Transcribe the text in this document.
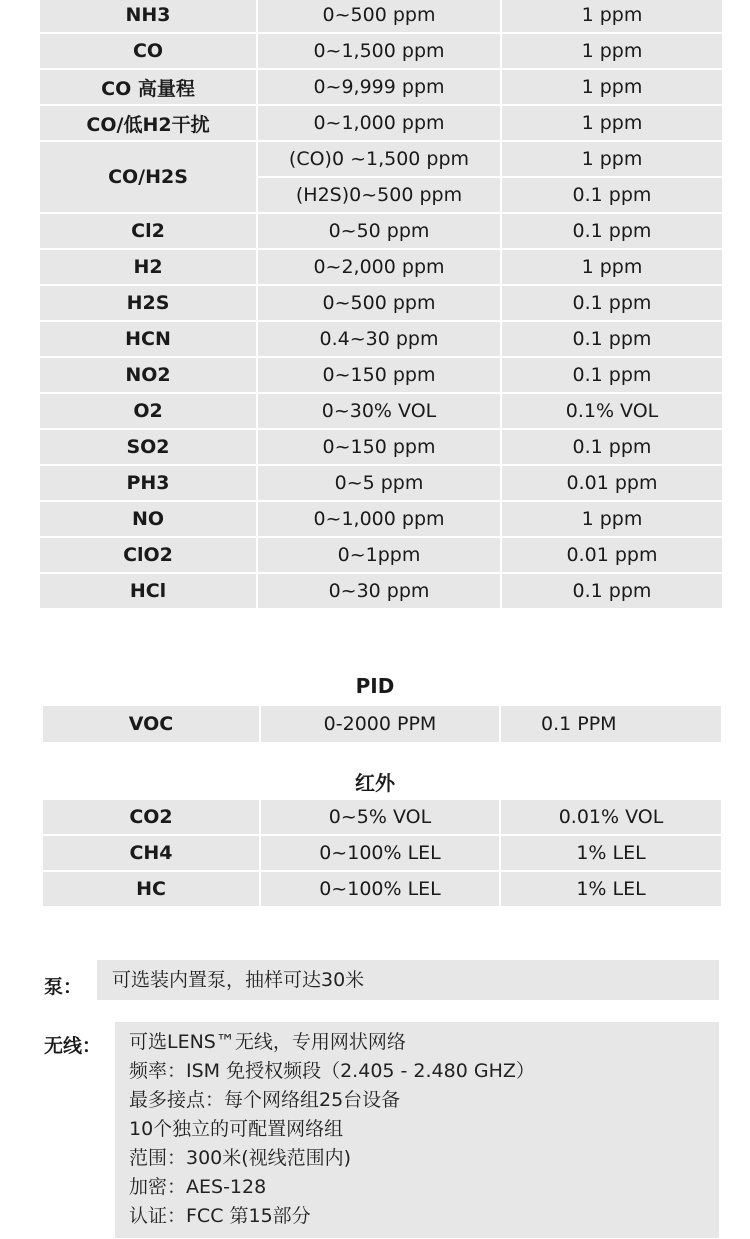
NH3	0~500 ppm	1 ppm
CO	0~1,500 ppm	1 ppm
CO 高量程	0~9,999 ppm	1 ppm
CO/低H2干扰	0~1,000 ppm	1 ppm
CO/H2S	(CO)0 ~1,500 ppm	1 ppm
	(H2S)0~500 ppm	0.1 ppm
Cl2	0~50 ppm	0.1 ppm
H2	0~2,000 ppm	1 ppm
H2S	0~500 ppm	0.1 ppm
HCN	0.4~30 ppm	0.1 ppm
NO2	0~150 ppm	0.1 ppm
O2	0~30% VOL	0.1% VOL
SO2	0~150 ppm	0.1 ppm
PH3	0~5 ppm	0.01 ppm
NO	0~1,000 ppm	1 ppm
ClO2	0~1ppm	0.01 ppm
HCl	0~30 ppm	0.1 ppm
PID
VOC	0-2000 PPM	0.1 PPM
红外
CO2	0~5% VOL	0.01% VOL
CH4	0~100% LEL	1% LEL
HC	0~100% LEL	1% LEL
泵：	可选装内置泵，抽样可达30米
无线： 可选LENS™无线，专用网状网络
频率：ISM 免授权频段（2.405 - 2.480 GHZ）
最多接点：每个网络组25台设备
10个独立的可配置网络组
范围：300米(视线范围内)
加密：AES-128
认证：FCC 第15部分
